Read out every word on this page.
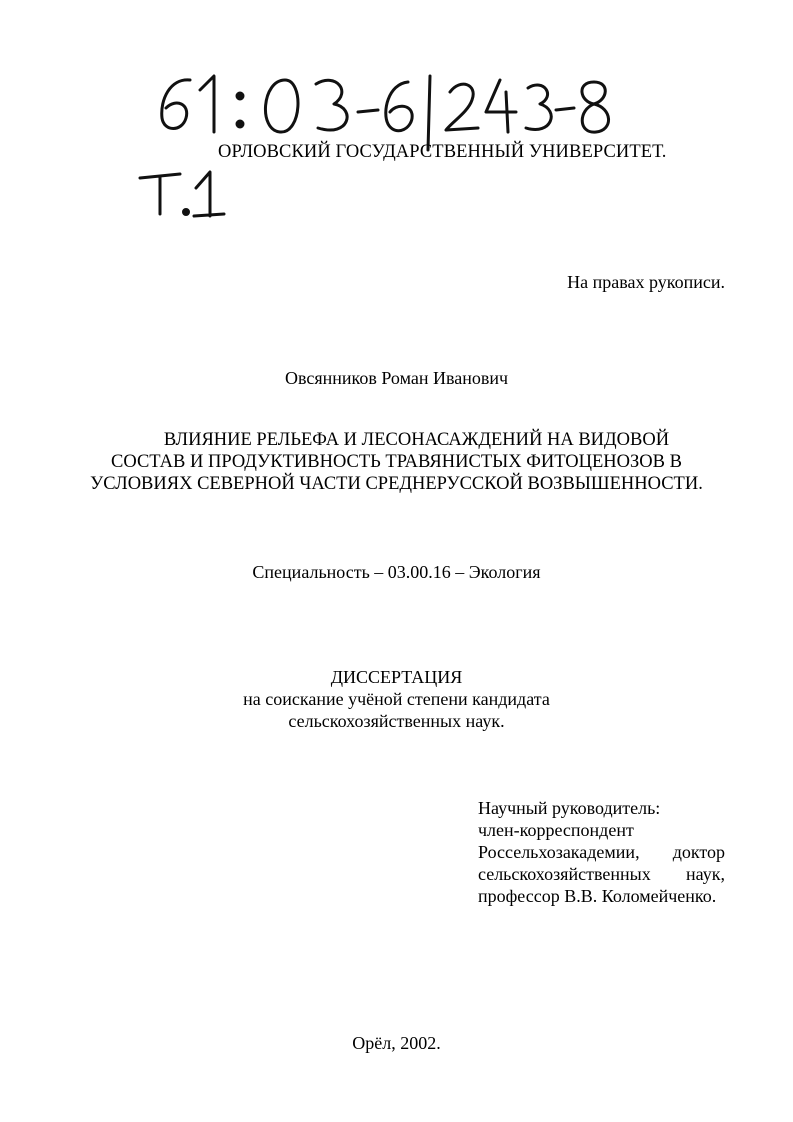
ОРЛОВСКИЙ ГОСУДАРСТВЕННЫЙ УНИВЕРСИТЕТ.
На правах рукописи.
Овсянников Роман Иванович
ВЛИЯНИЕ РЕЛЬЕФА И ЛЕСОНАСАЖДЕНИЙ НА ВИДОВОЙ
СОСТАВ И ПРОДУКТИВНОСТЬ ТРАВЯНИСТЫХ ФИТОЦЕНОЗОВ В
УСЛОВИЯХ СЕВЕРНОЙ ЧАСТИ СРЕДНЕРУССКОЙ ВОЗВЫШЕННОСТИ.
Специальность – 03.00.16 – Экология
ДИССЕРТАЦИЯ
на соискание учёной степени кандидата
сельскохозяйственных наук.
Научный руководитель:
член-корреспондент
Россельхозакадемии, доктор
сельскохозяйственных наук,
профессор В.В. Коломейченко.
Орёл, 2002.
